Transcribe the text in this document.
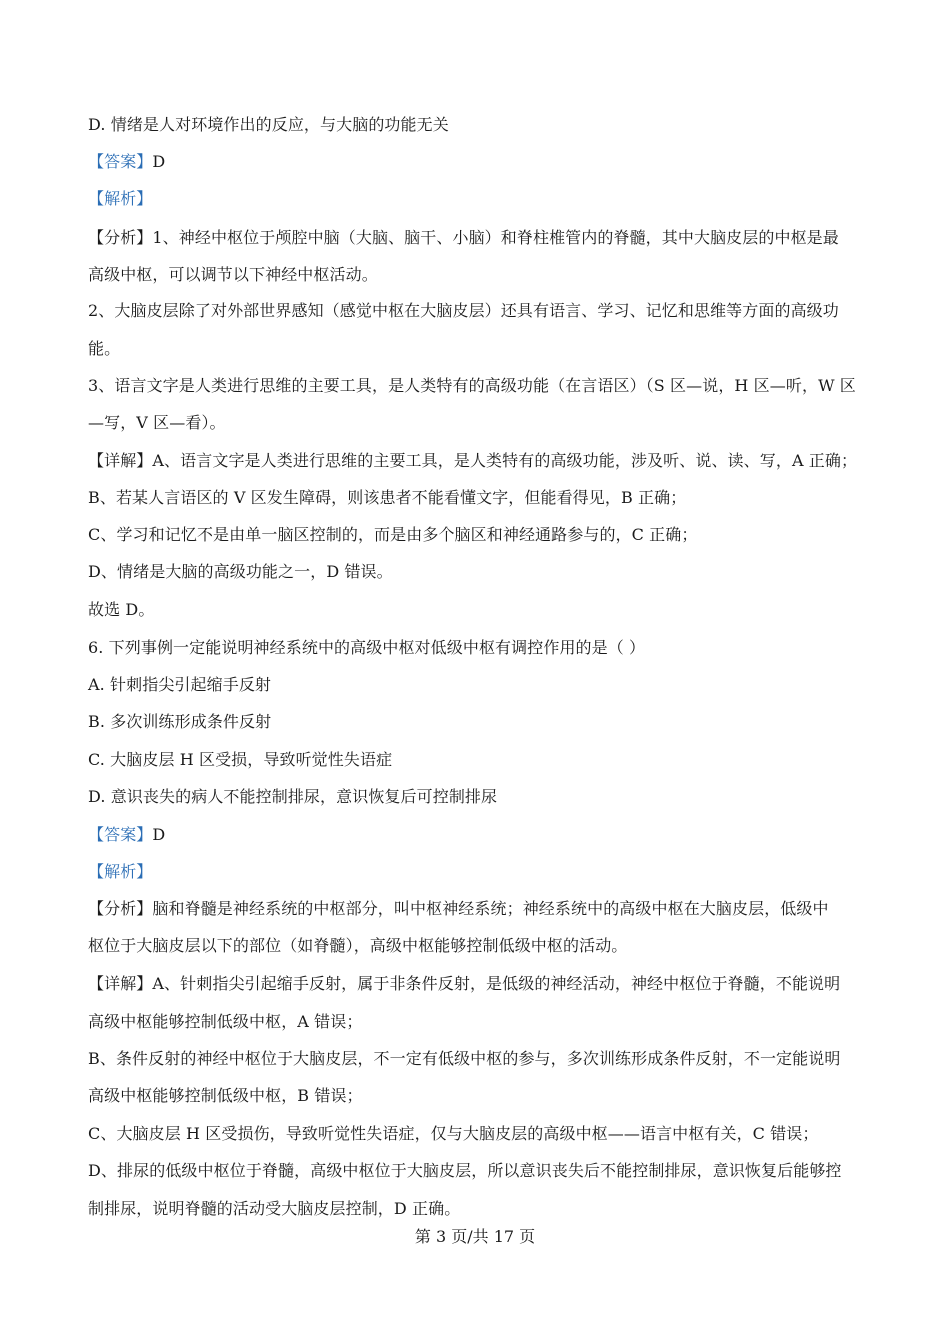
D. 情绪是人对环境作出的反应，与大脑的功能无关
【答案】D
【解析】
【分析】1、神经中枢位于颅腔中脑（大脑、脑干、小脑）和脊柱椎管内的脊髓，其中大脑皮层的中枢是最
高级中枢，可以调节以下神经中枢活动。
2、大脑皮层除了对外部世界感知（感觉中枢在大脑皮层）还具有语言、学习、记忆和思维等方面的高级功
能。
3、语言文字是人类进行思维的主要工具，是人类特有的高级功能（在言语区）（S 区—说，H 区—听，W 区
—写，V 区—看）。
【详解】A、语言文字是人类进行思维的主要工具，是人类特有的高级功能，涉及听、说、读、写，A 正确；
B、若某人言语区的 V 区发生障碍，则该患者不能看懂文字，但能看得见，B 正确；
C、学习和记忆不是由单一脑区控制的，而是由多个脑区和神经通路参与的，C 正确；
D、情绪是大脑的高级功能之一，D 错误。
故选 D。
6. 下列事例一定能说明神经系统中的高级中枢对低级中枢有调控作用的是（ ）
A. 针刺指尖引起缩手反射
B. 多次训练形成条件反射
C. 大脑皮层 H 区受损，导致听觉性失语症
D. 意识丧失的病人不能控制排尿，意识恢复后可控制排尿
【答案】D
【解析】
【分析】脑和脊髓是神经系统的中枢部分，叫中枢神经系统；神经系统中的高级中枢在大脑皮层，低级中
枢位于大脑皮层以下的部位（如脊髓），高级中枢能够控制低级中枢的活动。
【详解】A、针刺指尖引起缩手反射，属于非条件反射，是低级的神经活动，神经中枢位于脊髓，不能说明
高级中枢能够控制低级中枢，A 错误；
B、条件反射的神经中枢位于大脑皮层，不一定有低级中枢的参与，多次训练形成条件反射，不一定能说明
高级中枢能够控制低级中枢，B 错误；
C、大脑皮层 H 区受损伤，导致听觉性失语症，仅与大脑皮层的高级中枢——语言中枢有关，C 错误；
D、排尿的低级中枢位于脊髓，高级中枢位于大脑皮层，所以意识丧失后不能控制排尿，意识恢复后能够控
制排尿，说明脊髓的活动受大脑皮层控制，D 正确。
第 3 页/共 17 页
